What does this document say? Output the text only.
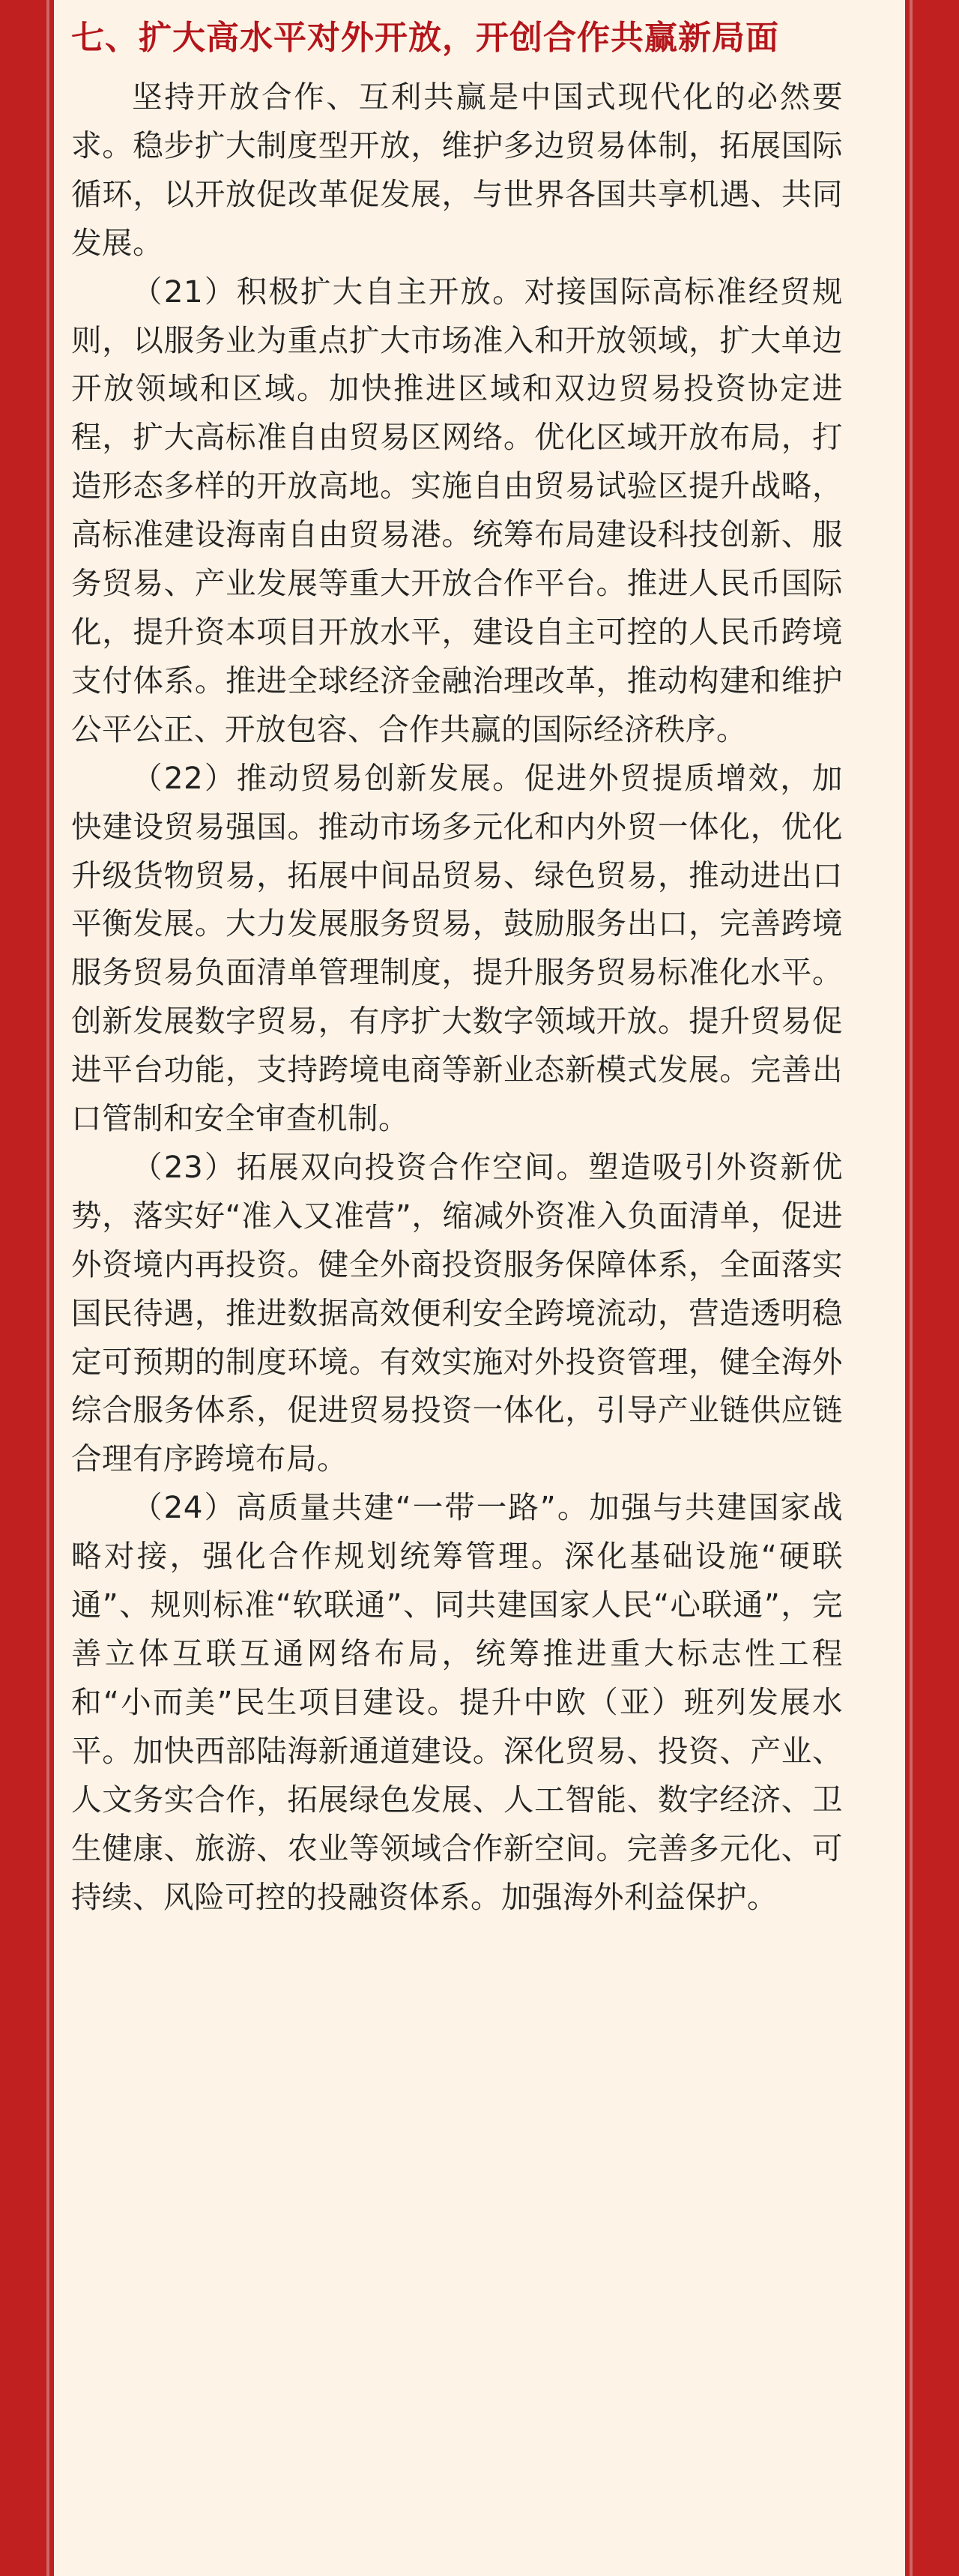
七、扩大高水平对外开放，开创合作共赢新局面

坚持开放合作、互利共赢是中国式现代化的必然要求。稳步扩大制度型开放，维护多边贸易体制，拓展国际循环，以开放促改革促发展，与世界各国共享机遇、共同发展。

（21）积极扩大自主开放。对接国际高标准经贸规则，以服务业为重点扩大市场准入和开放领域，扩大单边开放领域和区域。加快推进区域和双边贸易投资协定进程，扩大高标准自由贸易区网络。优化区域开放布局，打造形态多样的开放高地。实施自由贸易试验区提升战略，高标准建设海南自由贸易港。统筹布局建设科技创新、服务贸易、产业发展等重大开放合作平台。推进人民币国际化，提升资本项目开放水平，建设自主可控的人民币跨境支付体系。推进全球经济金融治理改革，推动构建和维护公平公正、开放包容、合作共赢的国际经济秩序。

（22）推动贸易创新发展。促进外贸提质增效，加快建设贸易强国。推动市场多元化和内外贸一体化，优化升级货物贸易，拓展中间品贸易、绿色贸易，推动进出口平衡发展。大力发展服务贸易，鼓励服务出口，完善跨境服务贸易负面清单管理制度，提升服务贸易标准化水平。创新发展数字贸易，有序扩大数字领域开放。提升贸易促进平台功能，支持跨境电商等新业态新模式发展。完善出口管制和安全审查机制。

（23）拓展双向投资合作空间。塑造吸引外资新优势，落实好“准入又准营”，缩减外资准入负面清单，促进外资境内再投资。健全外商投资服务保障体系，全面落实国民待遇，推进数据高效便利安全跨境流动，营造透明稳定可预期的制度环境。有效实施对外投资管理，健全海外综合服务体系，促进贸易投资一体化，引导产业链供应链合理有序跨境布局。

（24）高质量共建“一带一路”。加强与共建国家战略对接，强化合作规划统筹管理。深化基础设施“硬联通”、规则标准“软联通”、同共建国家人民“心联通”，完善立体互联互通网络布局，统筹推进重大标志性工程和“小而美”民生项目建设。提升中欧（亚）班列发展水平。加快西部陆海新通道建设。深化贸易、投资、产业、人文务实合作，拓展绿色发展、人工智能、数字经济、卫生健康、旅游、农业等领域合作新空间。完善多元化、可持续、风险可控的投融资体系。加强海外利益保护。
